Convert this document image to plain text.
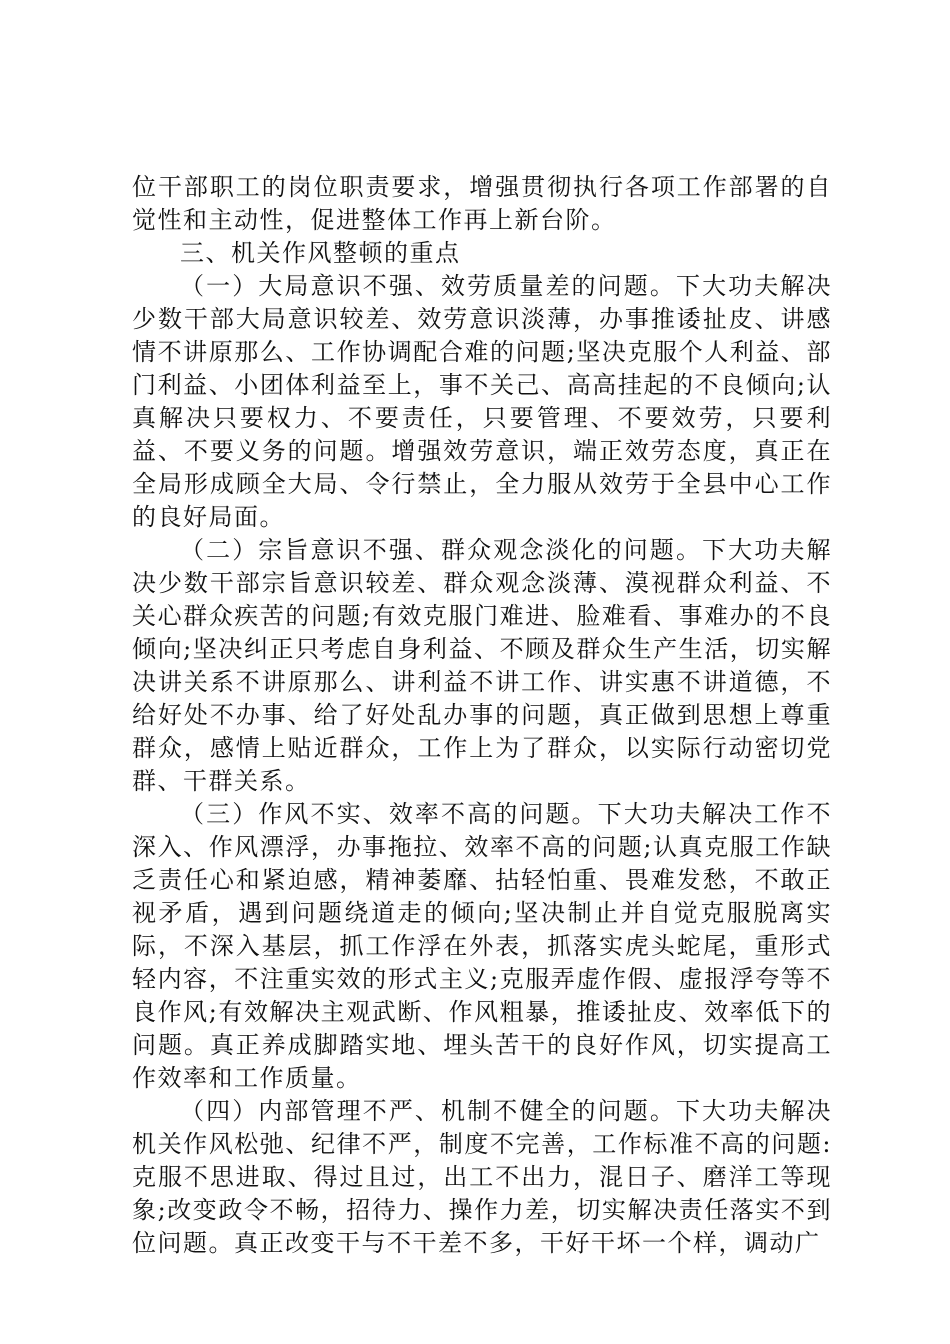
位干部职工的岗位职责要求，增强贯彻执行各项工作部署的自觉性和主动性，促进整体工作再上新台阶。

三、机关作风整顿的重点

（一）大局意识不强、效劳质量差的问题。下大功夫解决少数干部大局意识较差、效劳意识淡薄，办事推诿扯皮、讲感情不讲原那么、工作协调配合难的问题;坚决克服个人利益、部门利益、小团体利益至上，事不关己、高高挂起的不良倾向;认真解决只要权力、不要责任，只要管理、不要效劳，只要利益、不要义务的问题。增强效劳意识，端正效劳态度，真正在全局形成顾全大局、令行禁止，全力服从效劳于全县中心工作的良好局面。

（二）宗旨意识不强、群众观念淡化的问题。下大功夫解决少数干部宗旨意识较差、群众观念淡薄、漠视群众利益、不关心群众疾苦的问题;有效克服门难进、脸难看、事难办的不良倾向;坚决纠正只考虑自身利益、不顾及群众生产生活，切实解决讲关系不讲原那么、讲利益不讲工作、讲实惠不讲道德，不给好处不办事、给了好处乱办事的问题，真正做到思想上尊重群众，感情上贴近群众，工作上为了群众，以实际行动密切党群、干群关系。

（三）作风不实、效率不高的问题。下大功夫解决工作不深入、作风漂浮，办事拖拉、效率不高的问题;认真克服工作缺乏责任心和紧迫感，精神萎靡、拈轻怕重、畏难发愁，不敢正视矛盾，遇到问题绕道走的倾向;坚决制止并自觉克服脱离实际，不深入基层，抓工作浮在外表，抓落实虎头蛇尾，重形式轻内容，不注重实效的形式主义;克服弄虚作假、虚报浮夸等不良作风;有效解决主观武断、作风粗暴，推诿扯皮、效率低下的问题。真正养成脚踏实地、埋头苦干的良好作风，切实提高工作效率和工作质量。

（四）内部管理不严、机制不健全的问题。下大功夫解决机关作风松弛、纪律不严，制度不完善，工作标准不高的问题:克服不思进取、得过且过，出工不出力，混日子、磨洋工等现象;改变政令不畅，招待力、操作力差，切实解决责任落实不到位问题。真正改变干与不干差不多，干好干坏一个样，调动广
